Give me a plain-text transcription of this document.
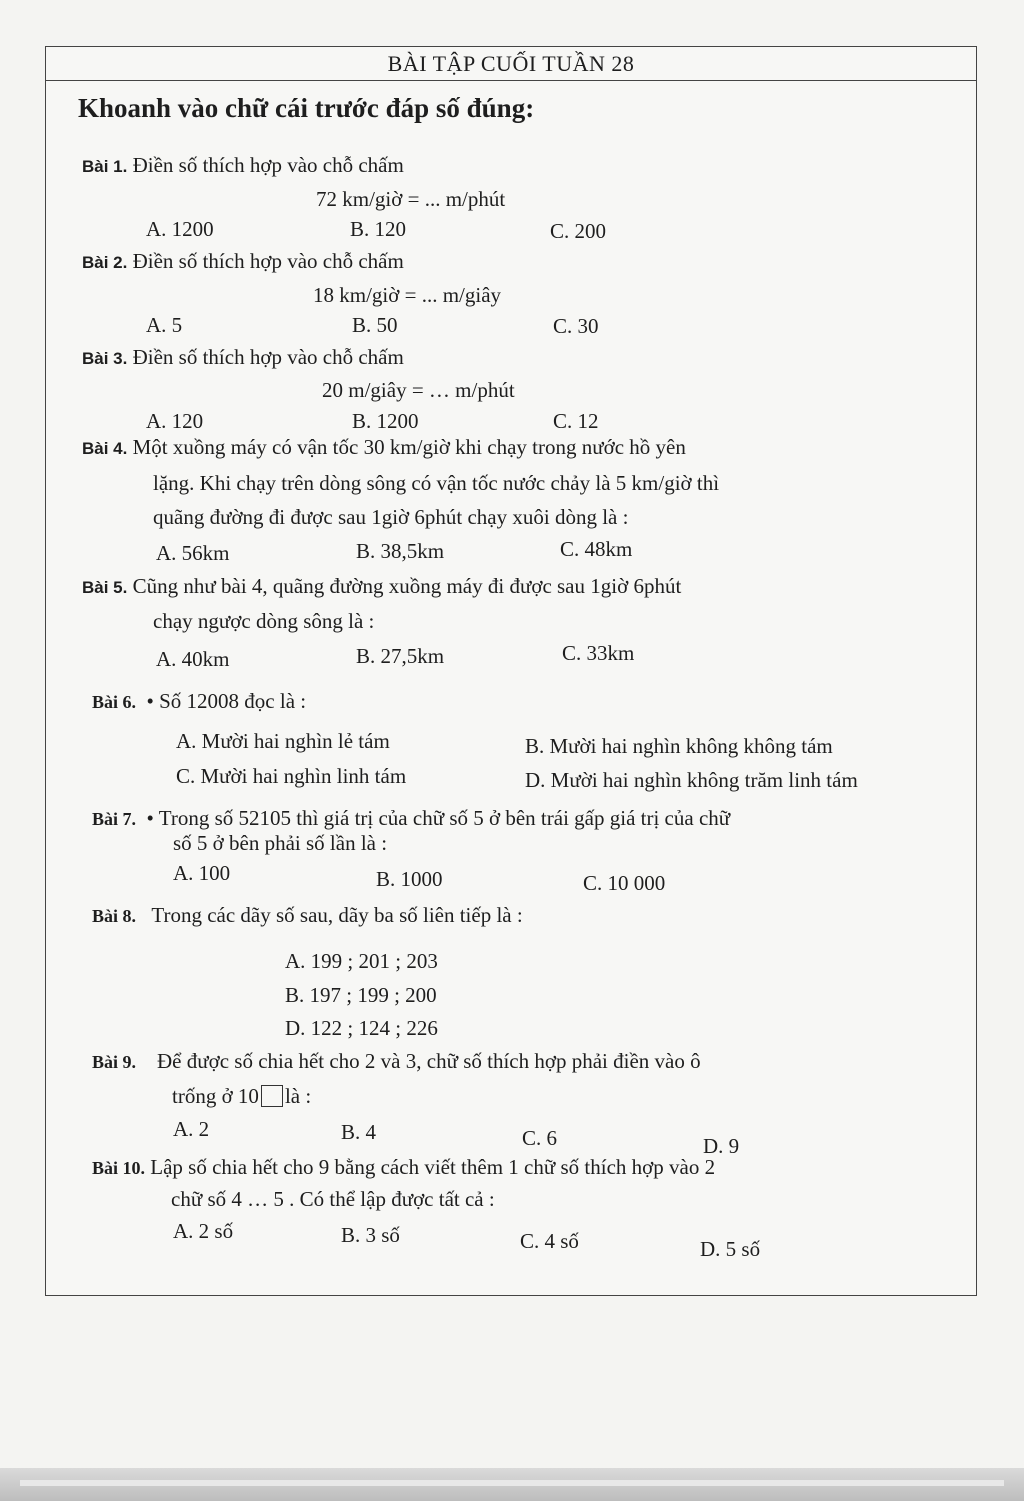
BÀI TẬP CUỐI TUẦN 28
Khoanh vào chữ cái trước đáp số đúng:
Bài 1. Điền số thích hợp vào chỗ chấm
72 km/giờ = ... m/phút
A. 1200	B. 120	C. 200
Bài 2. Điền số thích hợp vào chỗ chấm
18 km/giờ = ... m/giây
A. 5	B. 50	C. 30
Bài 3. Điền số thích hợp vào chỗ chấm
20 m/giây = … m/phút
A. 120	B. 1200	C. 12
Bài 4. Một xuồng máy có vận tốc 30 km/giờ khi chạy trong nước hồ yên
lặng. Khi chạy trên dòng sông có vận tốc nước chảy là 5 km/giờ thì
quãng đường đi được sau 1giờ 6phút chạy xuôi dòng là :
A. 56km	B. 38,5km	C. 48km
Bài 5. Cũng như bài 4, quãng đường xuồng máy đi được sau 1giờ 6phút
chạy ngược dòng sông là :
A. 40km	B. 27,5km	C. 33km
Bài 6.  • Số 12008 đọc là :
A. Mười hai nghìn lẻ tám	B. Mười hai nghìn không không tám
C. Mười hai nghìn linh tám	D. Mười hai nghìn không trăm linh tám
Bài 7.  • Trong số 52105 thì giá trị của chữ số 5 ở bên trái gấp giá trị của chữ
số 5 ở bên phải số lần là :
A. 100	B. 1000	C. 10 000
Bài 8. Trong các dãy số sau, dãy ba số liên tiếp là :
A. 199 ; 201 ; 203
B. 197 ; 199 ; 200
D. 122 ; 124 ; 226
Bài 9. Để được số chia hết cho 2 và 3, chữ số thích hợp phải điền vào ô
trống ở 10 là :
A. 2	B. 4	C. 6	D. 9
Bài 10. Lập số chia hết cho 9 bằng cách viết thêm 1 chữ số thích hợp vào 2
chữ số 4 … 5 . Có thể lập được tất cả :
A. 2 số	B. 3 số	C. 4 số	D. 5 số
